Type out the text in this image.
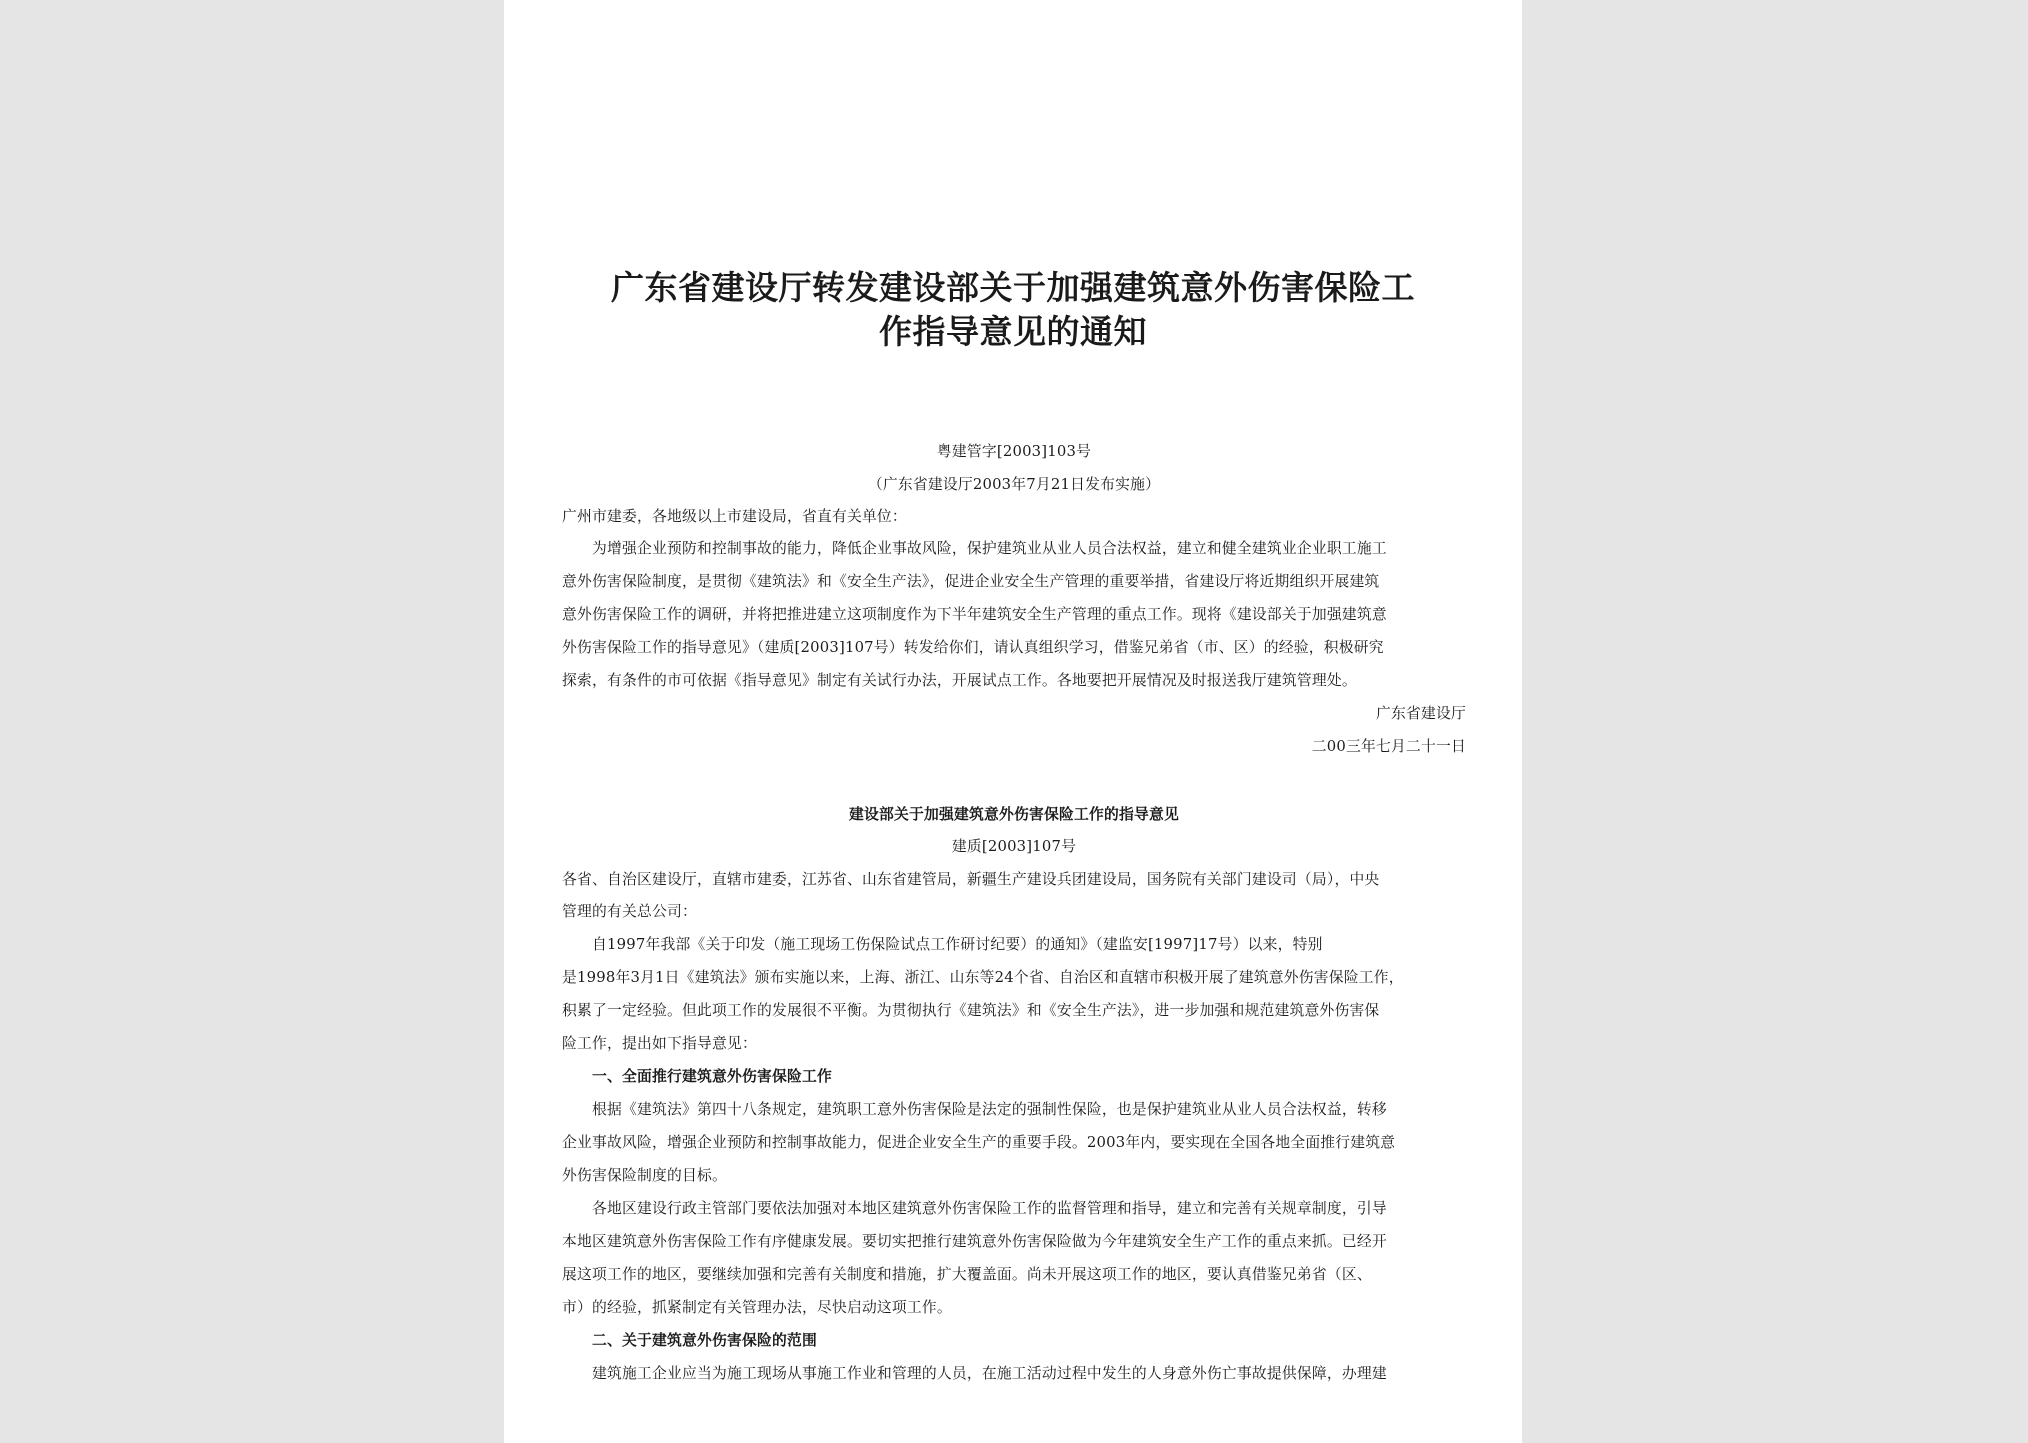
广东省建设厅转发建设部关于加强建筑意外伤害保险工
作指导意见的通知
粤建管字[2003]103号
（广东省建设厅2003年7月21日发布实施）
广州市建委，各地级以上市建设局，省直有关单位：
为增强企业预防和控制事故的能力，降低企业事故风险，保护建筑业从业人员合法权益，建立和健全建筑业企业职工施工
意外伤害保险制度，是贯彻《建筑法》和《安全生产法》，促进企业安全生产管理的重要举措，省建设厅将近期组织开展建筑
意外伤害保险工作的调研，并将把推进建立这项制度作为下半年建筑安全生产管理的重点工作。现将《建设部关于加强建筑意
外伤害保险工作的指导意见》（建质[2003]107号）转发给你们，请认真组织学习，借鉴兄弟省（市、区）的经验，积极研究
探索，有条件的市可依据《指导意见》制定有关试行办法，开展试点工作。各地要把开展情况及时报送我厅建筑管理处。
广东省建设厅
二00三年七月二十一日
建设部关于加强建筑意外伤害保险工作的指导意见
建质[2003]107号
各省、自治区建设厅，直辖市建委，江苏省、山东省建管局，新疆生产建设兵团建设局，国务院有关部门建设司（局），中央
管理的有关总公司：
自1997年我部《关于印发（施工现场工伤保险试点工作研讨纪要）的通知》（建监安[1997]17号）以来，特别
是1998年3月1日《建筑法》颁布实施以来，上海、浙江、山东等24个省、自治区和直辖市积极开展了建筑意外伤害保险工作，
积累了一定经验。但此项工作的发展很不平衡。为贯彻执行《建筑法》和《安全生产法》，进一步加强和规范建筑意外伤害保
险工作，提出如下指导意见：
一、全面推行建筑意外伤害保险工作
根据《建筑法》第四十八条规定，建筑职工意外伤害保险是法定的强制性保险，也是保护建筑业从业人员合法权益，转移
企业事故风险，增强企业预防和控制事故能力，促进企业安全生产的重要手段。2003年内，要实现在全国各地全面推行建筑意
外伤害保险制度的目标。
各地区建设行政主管部门要依法加强对本地区建筑意外伤害保险工作的监督管理和指导，建立和完善有关规章制度，引导
本地区建筑意外伤害保险工作有序健康发展。要切实把推行建筑意外伤害保险做为今年建筑安全生产工作的重点来抓。已经开
展这项工作的地区，要继续加强和完善有关制度和措施，扩大覆盖面。尚未开展这项工作的地区，要认真借鉴兄弟省（区、
市）的经验，抓紧制定有关管理办法，尽快启动这项工作。
二、关于建筑意外伤害保险的范围
建筑施工企业应当为施工现场从事施工作业和管理的人员，在施工活动过程中发生的人身意外伤亡事故提供保障，办理建
